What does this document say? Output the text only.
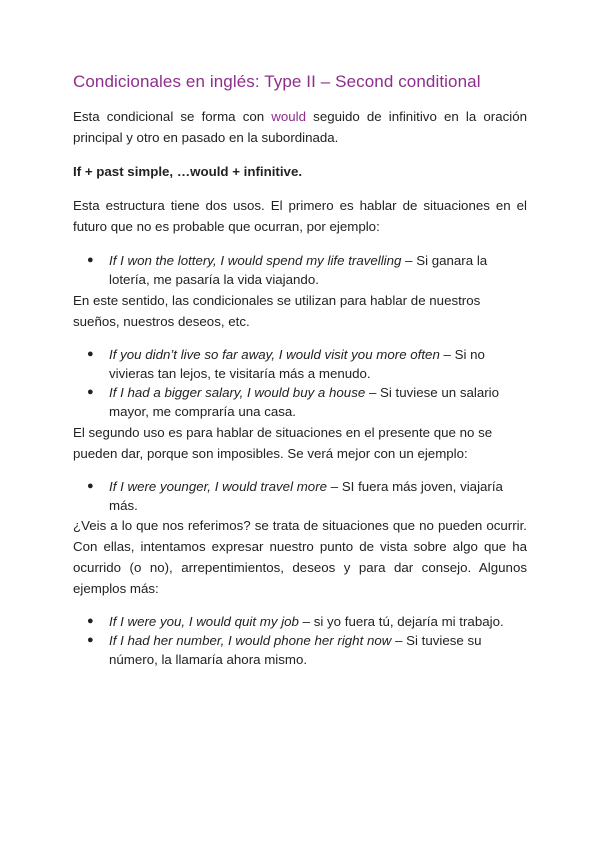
Condicionales en inglés: Type II – Second conditional

Esta condicional se forma con would seguido de infinitivo en la oración principal y otro en pasado en la subordinada.

If + past simple, …would + infinitive.

Esta estructura tiene dos usos. El primero es hablar de situaciones en el futuro que no es probable que ocurran, por ejemplo:

● If I won the lottery, I would spend my life travelling – Si ganara la lotería, me pasaría la vida viajando.

En este sentido, las condicionales se utilizan para hablar de nuestros sueños, nuestros deseos, etc.

● If you didn’t live so far away, I would visit you more often – Si no vivieras tan lejos, te visitaría más a menudo.
● If I had a bigger salary, I would buy a house – Si tuviese un salario mayor, me compraría una casa.

El segundo uso es para hablar de situaciones en el presente que no se pueden dar, porque son imposibles. Se verá mejor con un ejemplo:

● If I were younger, I would travel more – SI fuera más joven, viajaría más.

¿Veis a lo que nos referimos? se trata de situaciones que no pueden ocurrir. Con ellas, intentamos expresar nuestro punto de vista sobre algo que ha ocurrido (o no), arrepentimientos, deseos y para dar consejo. Algunos ejemplos más:

● If I were you, I would quit my job – si yo fuera tú, dejaría mi trabajo.
● If I had her number, I would phone her right now – Si tuviese su número, la llamaría ahora mismo.
